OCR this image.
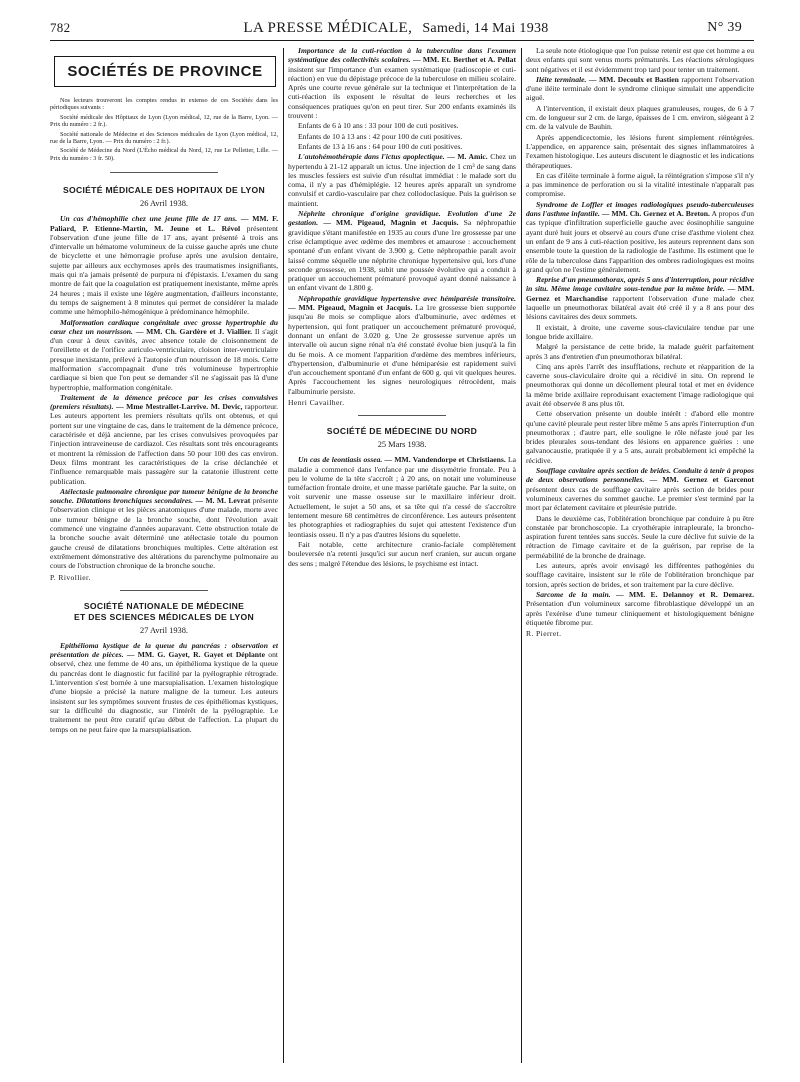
782	LA PRESSE MÉDICALE, Samedi, 14 Mai 1938	N° 39
SOCIÉTÉS DE PROVINCE

Nos lecteurs trouveront les comptes rendus in extenso de ces Sociétés dans les périodiques suivants :

Société médicale des Hôpitaux de Lyon (Lyon médical, 12, rue de la Barre, Lyon. — Prix du numéro : 2 fr.).

Société nationale de Médecine et des Sciences médicales de Lyon (Lyon médical, 12, rue de la Barre, Lyon. — Prix du numéro : 2 fr.).

Société de Médecine du Nord (L'Écho médical du Nord, 12, rue Le Pelletier, Lille. — Prix du numéro : 3 fr. 50).

SOCIÉTÉ MÉDICALE DES HOPITAUX DE LYON
26 Avril 1938.

Un cas d'hémophilie chez une jeune fille de 17 ans. — MM. F. Paliard, P. Etienne-Martin, M. Jeune et L. Révol présentent l'observation d'une jeune fille de 17 ans, ayant présenté à trois ans d'intervalle un hématome volumineux de la cuisse gauche après une chute de bicyclette et une hémorragie profuse après une avulsion dentaire, sujette par ailleurs aux ecchymoses après des traumatismes insignifiants, mais qui n'a jamais présenté de purpura ni d'épistaxis. L'examen du sang montre de fait que la coagulation est pratiquement inexistante, même après 24 heures ; mais il existe une légère augmentation, d'ailleurs inconstante, du temps de saignement à 8 minutes qui permet de considérer la malade comme une hémophilo-hémogénique à prédominance hémophile.

Malformation cardiaque congénitale avec grosse hypertrophie du cœur chez un nourrisson. — MM. Ch. Gardère et J. Viallier. Il s'agit d'un cœur à deux cavités, avec absence totale de cloisonnement de l'oreillette et de l'orifice auriculo-ventriculaire, cloison inter-ventriculaire presque inexistante, prélevé à l'autopsie d'un nourrisson de 18 mois. Cette malformation s'accompagnait d'une très volumineuse hypertrophie cardiaque si bien que l'on peut se demander s'il ne s'agissait pas là d'une hypertrophie, malformation congénitale.

Traitement de la démence précoce par les crises convulsives (premiers résultats). — Mme Mestrallet-Larrive. M. Devic, rapporteur. Les auteurs apportent les premiers résultats qu'ils ont obtenus, et qui portent sur une vingtaine de cas, dans le traitement de la démence précoce, caractérisée et déjà ancienne, par les crises convulsives provoquées par l'injection intraveineuse de cardiazol. Ces résultats sont très encourageants et montrent la rémission de l'affection dans 50 pour 100 des cas environ. Deux films montrant les caractéristiques de la crise déclanchée et l'influence remarquable mais passagère sur la catatonie illustrent cette publication.

Atélectasie pulmonaire chronique par tumeur bénigne de la bronche souche. Dilatations bronchiques secondaires. — M. M. Levrat présente l'observation clinique et les pièces anatomiques d'une malade, morte avec une tumeur bénigne de la bronche souche, dont l'évolution avait commencé une vingtaine d'années auparavant. Cette obstruction totale de la bronche souche avait déterminé une atélectasie totale du poumon gauche creusé de dilatations bronchiques multiples. Cette altération est extrêmement démonstrative des altérations du parenchyme pulmonaire au cours de l'obstruction chronique de la bronche souche.

P. Rivollier.

SOCIÉTÉ NATIONALE DE MÉDECINE
ET DES SCIENCES MÉDICALES DE LYON
27 Avril 1938.

Epithélioma kystique de la queue du pancréas : observation et présentation de pièces. — MM. G. Gayet, R. Gayet et Déplante ont observé, chez une femme de 40 ans, un épithélioma kystique de la queue du pancréas dont le diagnostic fut facilité par la pyélographie rétrograde. L'intervention s'est bornée à une marsupialisation. L'examen histologique d'une biopsie a précisé la nature maligne de la tumeur. Les auteurs insistent sur les symptômes souvent frustes de ces épithéliomas kystiques, sur la difficulté du diagnostic, sur l'intérêt de la pyélographie. Le traitement ne peut être curatif qu'au début de l'affection. La plupart du temps on ne peut faire que la marsupialisation.

Importance de la cuti-réaction à la tuberculine dans l'examen systématique des collectivités scolaires. — MM. Et. Berthet et A. Pellat insistent sur l'importance d'un examen systématique (radioscopie et cuti-réaction) en vue du dépistage précoce de la tuberculose en milieu scolaire. Après une courte revue générale sur la technique et l'interprétation de la cuti-réaction ils exposent le résultat de leurs recherches et les conséquences pratiques qu'on en peut tirer. Sur 200 enfants examinés ils trouvent :

Enfants de 6 à 10 ans : 33 pour 100 de cuti positives.

Enfants de 10 à 13 ans : 42 pour 100 de cuti positives.

Enfants de 13 à 16 ans : 64 pour 100 de cuti positives.

L'autohémothérapie dans l'ictus apoplectique. — M. Amic. Chez un hypertendu à 21-12 apparaît un ictus. Une injection de 1 cm³ de sang dans les muscles fessiers est suivie d'un résultat immédiat : le malade sort du coma, il n'y a pas d'hémiplégie. 12 heures après apparaît un syndrome convulsif et cardio-vasculaire par chez collodoclasique. Puis la guérison se maintient.

Néphrite chronique d'origine gravidique. Evolution d'une 2e gestation. — MM. Pigeaud, Magnin et Jacquis. Sa néphropathie gravidique s'étant manifestée en 1935 au cours d'une 1re grossesse par une crise éclamptique avec œdème des membres et amaurose : accouchement spontané d'un enfant vivant de 3.900 g. Cette néphropathie paraît avoir laissé comme séquelle une néphrite chronique hypertensive qui, lors d'une seconde grossesse, en 1938, subit une poussée évolutive qui a conduit à pratiquer un accouchement prématuré provoqué ayant donné naissance à un enfant vivant de 1.800 g.

Néphropathie gravidique hypertensive avec hémiparésie transitoire. — MM. Pigeaud, Magnin et Jacquis. La 1re grossesse bien supportée jusqu'au 8e mois se complique alors d'albuminurie, avec œdèmes et hypertension, qui font pratiquer un accouchement prématuré provoqué, donnant un enfant de 3.020 g. Une 2e grossesse survenue après un intervalle où aucun signe rénal n'a été constaté évolue bien jusqu'à la fin du 6e mois. A ce moment l'apparition d'œdème des membres inférieurs, d'hypertension, d'albuminurie et d'une hémiparésie est rapidement suivi d'un accouchement spontané d'un enfant de 600 g. qui vit quelques heures. Après l'accouchement les signes neurologiques rétrocèdent, mais l'albuminurie persiste.

Henri Cavailher.

SOCIÉTÉ DE MÉDECINE DU NORD
25 Mars 1938.

Un cas de leontiasis ossea. — MM. Vandendorpe et Christiaens. La maladie a commencé dans l'enfance par une dissymétrie frontale. Peu à peu le volume de la tête s'accroît ; à 20 ans, on notait une volumineuse tuméfaction frontale droite, et une masse pariétale gauche. Par la suite, on voit survenir une masse osseuse sur le maxillaire inférieur droit. Actuellement, le sujet a 50 ans, et sa tête qui n'a cessé de s'accroître lentement mesure 68 centimètres de circonférence. Les auteurs présentent les photographies et radiographies du sujet qui attestent l'existence d'un leontiasis osseu. Il n'y a pas d'autres lésions du squelette.

Fait notable, cette architecture cranio-faciale complètement bouleversée n'a retenti jusqu'ici sur aucun nerf cranien, sur aucun organe des sens ; malgré l'étendue des lésions, le psychisme est intact.

La seule note étiologique que l'on puisse retenir est que cet homme a eu deux enfants qui sont venus morts prématurés. Les réactions sérologiques sont négatives et il est évidemment trop tard pour tenter un traitement.

Iléite terminale. — MM. Decoulx et Bastien rapportent l'observation d'une iléite terminale dont le syndrome clinique simulait une appendicite aiguë.

A l'intervention, il existait deux plaques granuleuses, rouges, de 6 à 7 cm. de longueur sur 2 cm. de large, épaisses de 1 cm. environ, siégeant à 2 cm. de la valvule de Bauhin.

Après appendicectomie, les lésions furent simplement réintégrées. L'appendice, en apparence sain, présentait des signes inflammatoires à l'examen histologique. Les auteurs discutent le diagnostic et les indications thérapeutiques.

En cas d'iléite terminale à forme aiguë, la réintégration s'impose s'il n'y a pas imminence de perforation ou si la vitalité intestinale n'apparaît pas compromise.

Syndrome de Loffler et images radiologiques pseudo-tuberculeuses dans l'asthme infantile. — MM. Ch. Gernez et A. Breton. A propos d'un cas typique d'infiltration superficielle gauche avec éosinophilie sanguine ayant duré huit jours et observé au cours d'une crise d'asthme violent chez un enfant de 9 ans à cuti-réaction positive, les auteurs reprennent dans son ensemble toute la question de la radiologie de l'asthme. Ils estiment que le rôle de la tuberculose dans l'apparition des ombres radiologiques est moins grand qu'on ne l'estime généralement.

Reprise d'un pneumothorax, après 5 ans d'interruption, pour récidive in situ. Même image cavitaire sous-tendue par la même bride. — MM. Gernez et Marchandise rapportent l'observation d'une malade chez laquelle un pneumothorax bilatéral avait été créé il y a 8 ans pour des lésions cavitaires des deux sommets.

Il existait, à droite, une caverne sous-claviculaire tendue par une longue bride axillaire.

Malgré la persistance de cette bride, la malade guérit parfaitement après 3 ans d'entretien d'un pneumothorax bilatéral.

Cinq ans après l'arrêt des insufflations, rechute et réapparition de la caverne sous-claviculaire droite qui a récidivé in situ. On reprend le pneumothorax qui donne un décollement pleural total et met en évidence la même bride axillaire reproduisant exactement l'image radiologique qui avait été observée 8 ans plus tôt.

Cette observation présente un double intérêt : d'abord elle montre qu'une cavité pleurale peut rester libre même 5 ans après l'interruption d'un pneumothorax ; d'autre part, elle souligne le rôle néfaste joué par les brides pleurales sous-tendant des lésions en apparence guéries : une galvanocaustie, pratiquée il y a 5 ans, aurait probablement ici empêché la récidive.

Souffiage cavitaire après section de brides. Conduite à tenir à propos de deux observations personnelles. — MM. Gernez et Garcenot présentent deux cas de soufflage cavitaire après section de brides pour volumineux cavernes du sommet gauche. Le premier s'est terminé par la mort par éclatement cavitaire et pleurésie putride.

Dans le deuxième cas, l'oblitération bronchique par conduire à pu être constatée par bronchoscopie. La cryothérapie intrapleurale, la broncho-aspiration furent tentées sans succès. Seule la cure déclive fut suivie de la rétraction de l'image cavitaire et de la guérison, par reprise de la perméabilité de la bronche de drainage.

Les auteurs, après avoir envisagé les différentes pathogénies du soufflage cavitaire, insistent sur le rôle de l'oblitération bronchique par torsion, après section de brides, et son traitement par la cure déclive.

Sarcome de la main. — MM. E. Delannoy et R. Demarez. Présentation d'un volumineux sarcome fibroblastique développé un an après l'exérèse d'une tumeur cliniquement et histologiquement bénigne étiquetée fibrome pur.

R. Pierret.
